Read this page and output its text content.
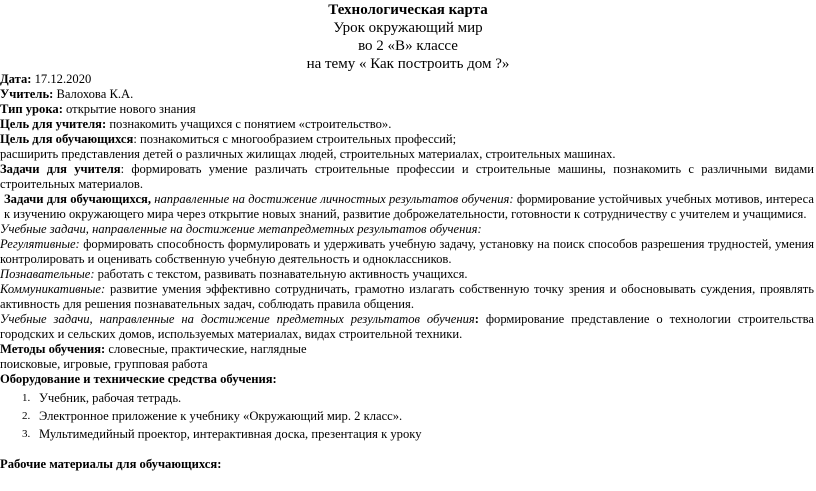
Технологическая карта
Урок окружающий мир
во 2 «В» классе
на тему « Как построить дом ?»
Дата: 17.12.2020
Учитель: Валохова К.А.
Тип урока: открытие нового знания
Цель для учителя: познакомить учащихся с понятием «строительство».
Цель для обучающихся: познакомиться с многообразием строительных профессий;
расширить представления детей о различных жилищах людей, строительных материалах, строительных машинах.
Задачи для учителя: формировать умение различать строительные профессии и строительные машины, познакомить с различными видами строительных материалов.
Задачи для обучающихся, направленные на достижение личностных результатов обучения: формирование устойчивых учебных мотивов, интереса к изучению окружающего мира через открытие новых знаний, развитие доброжелательности, готовности к сотрудничеству с учителем и учащимися.
Учебные задачи, направленные на достижение метапредметных результатов обучения:
Регулятивные: формировать способность формулировать и удерживать учебную задачу, установку на поиск способов разрешения трудностей, умения контролировать и оценивать собственную учебную деятельность и одноклассников.
Познавательные: работать с текстом, развивать познавательную активность учащихся.
Коммуникативные: развитие умения эффективно сотрудничать, грамотно излагать собственную точку зрения и обосновывать суждения, проявлять активность для решения познавательных задач, соблюдать правила общения.
Учебные задачи, направленные на достижение предметных результатов обучения: формирование представление о технологии строительства городских и сельских домов, используемых материалах, видах строительной техники.
Методы обучения: словесные, практические, наглядные
поисковые, игровые, групповая работа
Оборудование и технические средства обучения:
1. Учебник, рабочая тетрадь.
2. Электронное приложение к учебнику «Окружающий мир. 2 класс».
3. Мультимедийный проектор, интерактивная доска, презентация к уроку
Рабочие материалы для обучающихся:
